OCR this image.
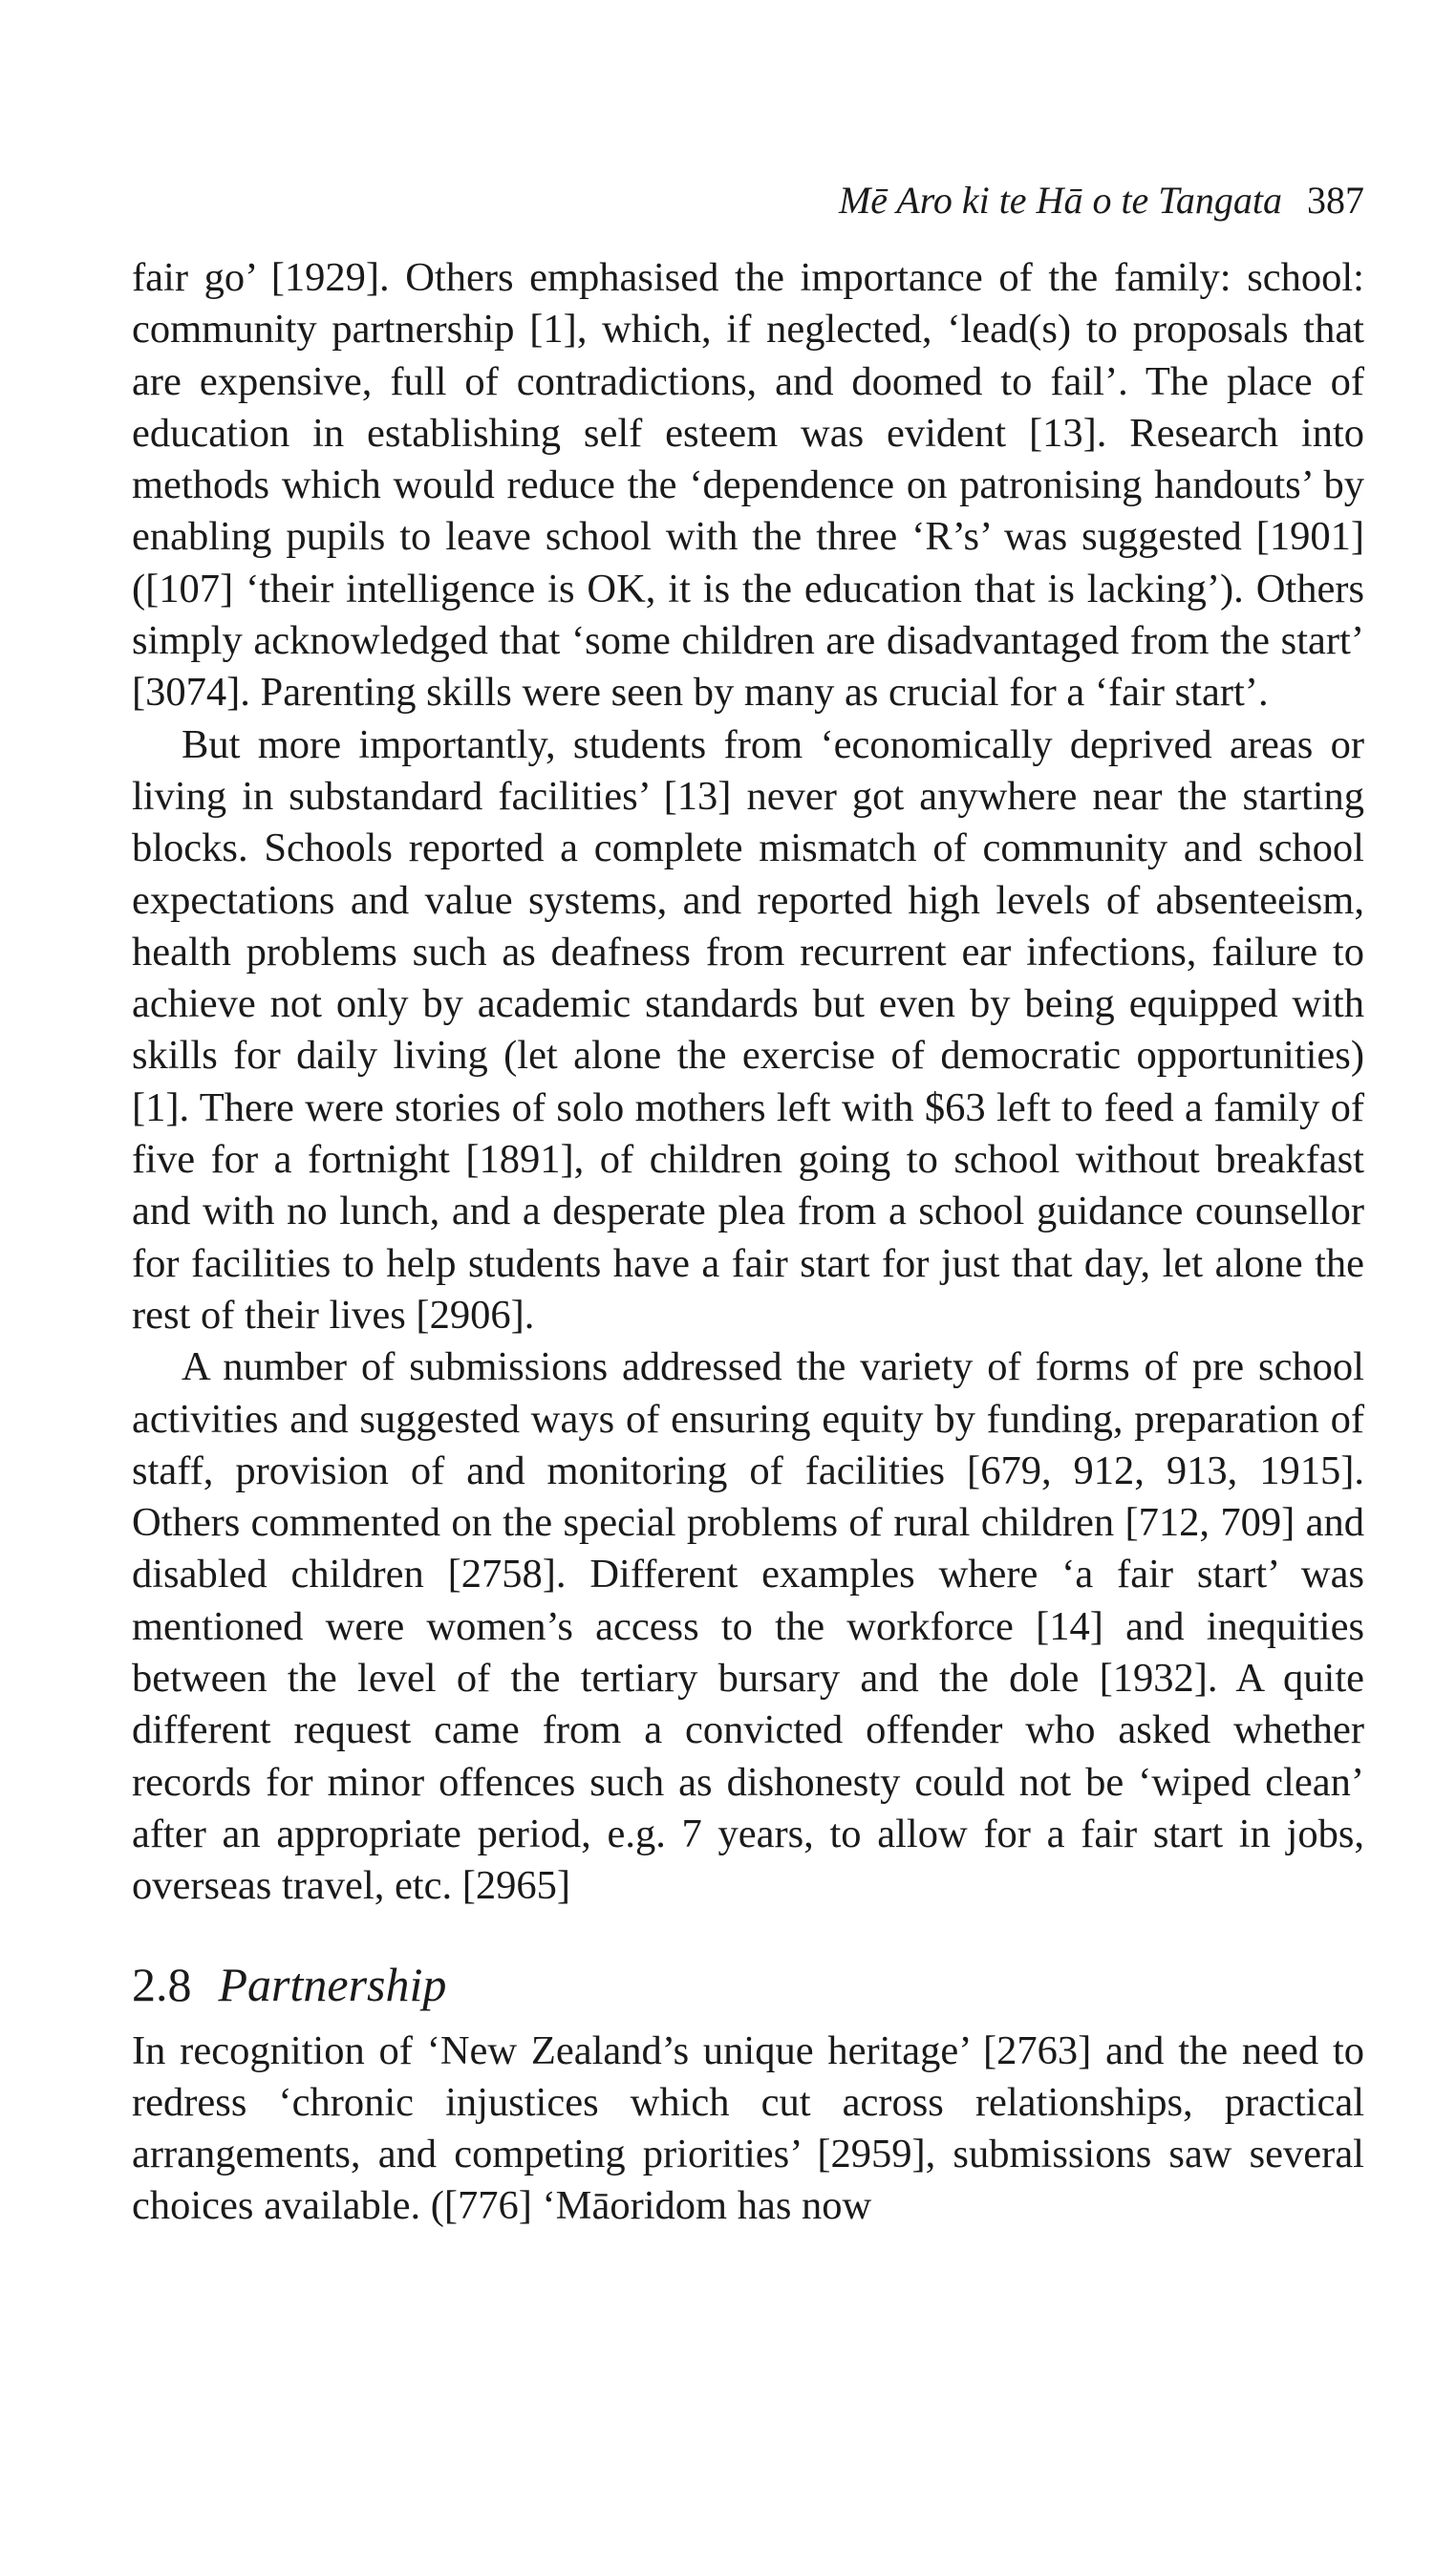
Mē Aro ki te Hā o te Tangata 387

fair go’ [1929]. Others emphasised the importance of the family: school: community partnership [1], which, if neglected, ‘lead(s) to proposals that are expensive, full of contradictions, and doomed to fail’. The place of education in establishing self esteem was evident [13]. Research into methods which would reduce the ‘dependence on patronising handouts’ by enabling pupils to leave school with the three ‘R’s’ was suggested [1901] ([107] ‘their intelligence is OK, it is the education that is lacking’). Others simply acknowledged that ‘some children are disadvantaged from the start’ [3074]. Parenting skills were seen by many as crucial for a ‘fair start’.

But more importantly, students from ‘economically deprived areas or living in substandard facilities’ [13] never got anywhere near the starting blocks. Schools reported a complete mismatch of community and school expectations and value systems, and reported high levels of absenteeism, health problems such as deafness from recurrent ear infections, failure to achieve not only by academic standards but even by being equipped with skills for daily living (let alone the exercise of democratic opportunities) [1]. There were stories of solo mothers left with $63 left to feed a family of five for a fortnight [1891], of children going to school without breakfast and with no lunch, and a desperate plea from a school guidance counsellor for facilities to help students have a fair start for just that day, let alone the rest of their lives [2906].

A number of submissions addressed the variety of forms of pre school activities and suggested ways of ensuring equity by funding, preparation of staff, provision of and monitoring of facilities [679, 912, 913, 1915]. Others commented on the special problems of rural children [712, 709] and disabled children [2758]. Different examples where ‘a fair start’ was mentioned were women’s access to the workforce [14] and inequities between the level of the tertiary bursary and the dole [1932]. A quite different request came from a convicted offender who asked whether records for minor offences such as dishonesty could not be ‘wiped clean’ after an appropriate period, e.g. 7 years, to allow for a fair start in jobs, overseas travel, etc. [2965]

2.8 Partnership

In recognition of ‘New Zealand’s unique heritage’ [2763] and the need to redress ‘chronic injustices which cut across relationships, practical arrangements, and competing priorities’ [2959], submissions saw several choices available. ([776] ‘Māoridom has now
